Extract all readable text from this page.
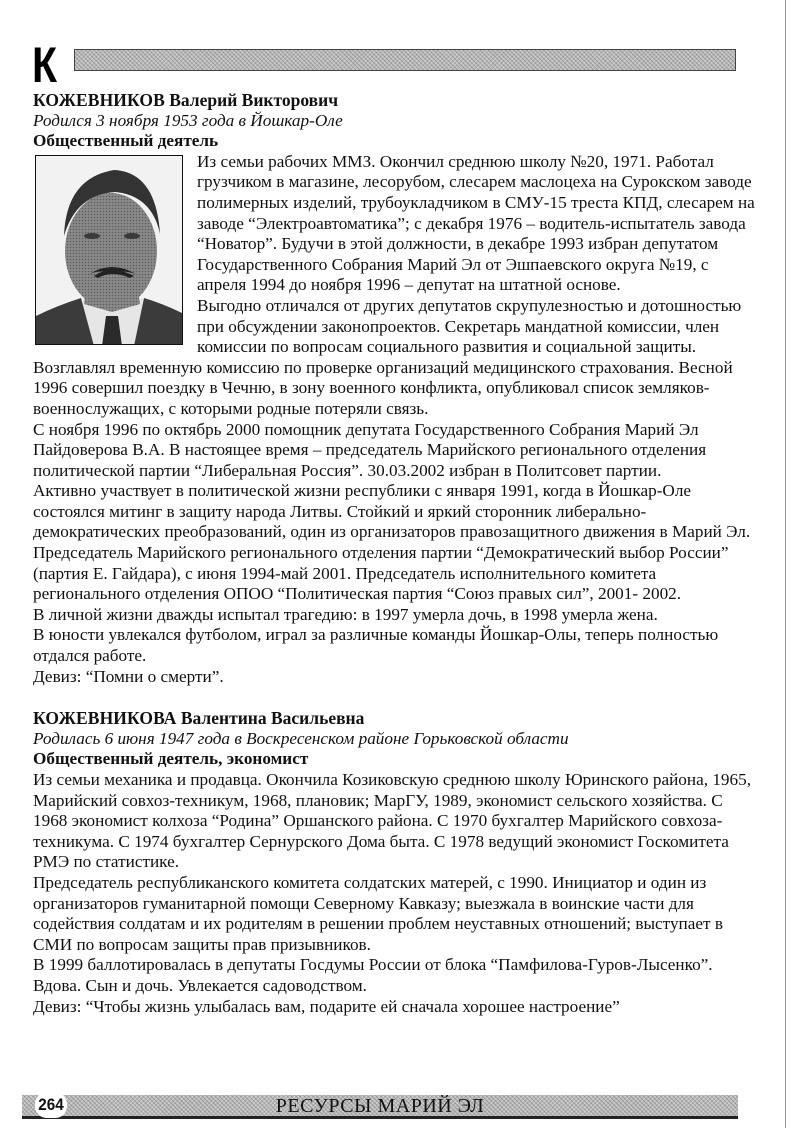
К

КОЖЕВНИКОВ Валерий Викторович

Родился 3 ноября 1953 года в Йошкар-Оле

Общественный деятель

Из семьи рабочих ММЗ. Окончил среднюю школу №20, 1971. Работал грузчиком в магазине, лесорубом, слесарем маслоцеха на Сурокском заводе полимерных изделий, трубоукладчиком в СМУ-15 треста КПД, слесарем на заводе “Электроавтоматика”; с декабря 1976 – водитель-испытатель завода “Новатор”. Будучи в этой должности, в декабре 1993 избран депутатом Государственного Собрания Марий Эл от Эшпаевского округа №19, с апреля 1994 до ноября 1996 – депутат на штатной основе.

Выгодно отличался от других депутатов скрупулезностью и дотошностью при обсуждении законопроектов. Секретарь мандатной комиссии, член комиссии по вопросам социального развития и социальной защиты. Возглавлял временную комиссию по проверке организаций медицинского страхования. Весной 1996 совершил поездку в Чечню, в зону военного конфликта, опубликовал список земляков-военнослужащих, с которыми родные потеряли связь.

С ноября 1996 по октябрь 2000 помощник депутата Государственного Собрания Марий Эл Пайдоверова В.А. В настоящее время – председатель Марийского регионального отделения политической партии “Либеральная Россия”. 30.03.2002 избран в Политсовет партии.

Активно участвует в политической жизни республики с января 1991, когда в Йошкар-Оле состоялся митинг в защиту народа Литвы. Стойкий и яркий сторонник либерально-демократических преобразований, один из организаторов правозащитного движения в Марий Эл. Председатель Марийского регионального отделения партии “Демократический выбор России” (партия Е. Гайдара), с июня 1994-май 2001. Председатель исполнительного комитета регионального отделения ОПОО “Политическая партия “Союз правых сил”, 2001- 2002.

В личной жизни дважды испытал трагедию: в 1997 умерла дочь, в 1998 умерла жена.

В юности увлекался футболом, играл за различные команды Йошкар-Олы, теперь полностью отдался работе.

Девиз: “Помни о смерти”.

КОЖЕВНИКОВА Валентина Васильевна

Родилась 6 июня 1947 года в Воскресенском районе Горьковской области

Общественный деятель, экономист

Из семьи механика и продавца. Окончила Козиковскую среднюю школу Юринского района, 1965, Марийский совхоз-техникум, 1968, плановик; МарГУ, 1989, экономист сельского хозяйства. С 1968 экономист колхоза “Родина” Оршанского района. С 1970 бухгалтер Марийского совхоза-техникума. С 1974 бухгалтер Сернурского Дома быта. С 1978 ведущий экономист Госкомитета РМЭ по статистике.

Председатель республиканского комитета солдатских матерей, с 1990. Инициатор и один из организаторов гуманитарной помощи Северному Кавказу; выезжала в воинские части для содействия солдатам и их родителям в решении проблем неуставных отношений; выступает в СМИ по вопросам защиты прав призывников.

В 1999 баллотировалась в депутаты Госдумы России от блока “Памфилова-Гуров-Лысенко”.

Вдова. Сын и дочь. Увлекается садоводством.

Девиз: “Чтобы жизнь улыбалась вам, подарите ей сначала хорошее настроение”

264	РЕСУРСЫ МАРИЙ ЭЛ
